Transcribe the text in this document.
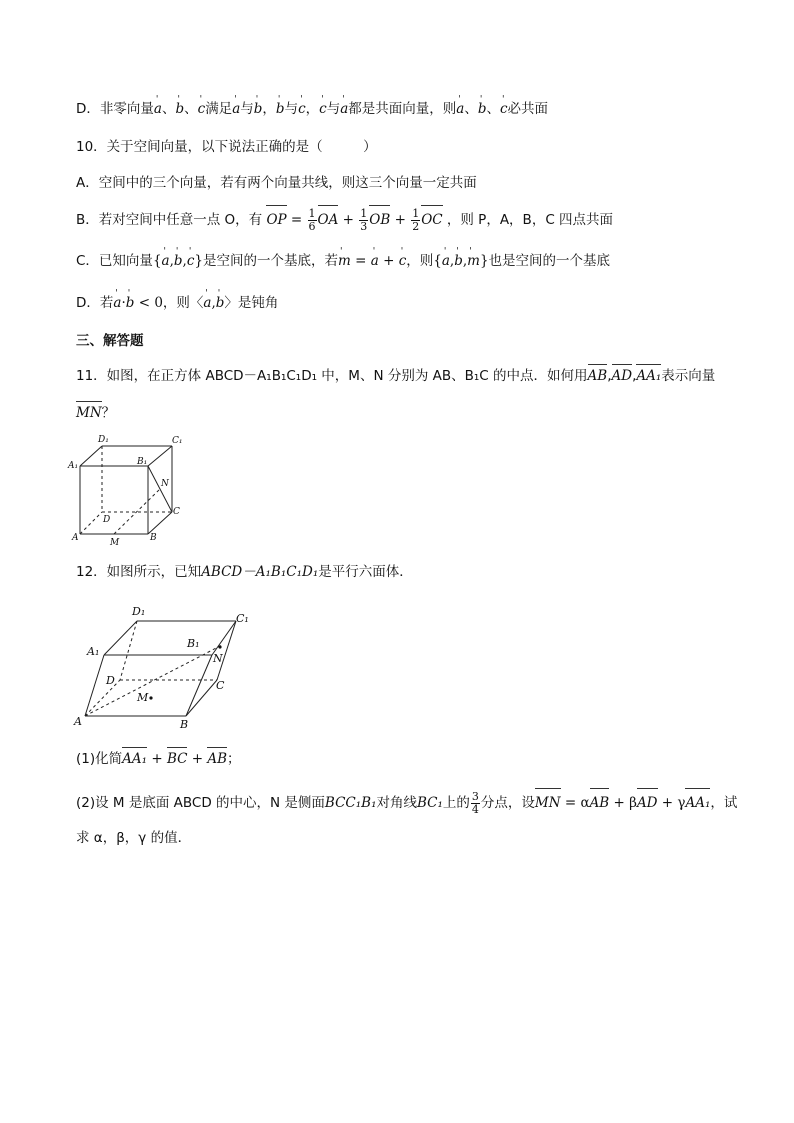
D．非零向量' a、' b、' c满足' a与' b，' b与' c，' c与' a都是共面向量，则' a、' b、' c必共面
10．关于空间向量，以下说法正确的是（　　　）
A．空间中的三个向量，若有两个向量共线，则这三个向量一定共面
B．若对空间中任意一点 O，有 OP = $\frac{1}{6}$ OA + $\frac{1}{3}$ OB + $\frac{1}{2}$ OC ，则 P，A，B，C 四点共面
C．已知向量{' a,' b,' c}是空间的一个基底，若' m = ' a + ' c，则{' a,' b,' m}也是空间的一个基底
D．若' a·' b < 0，则〈' a,' b〉是钝角
三、解答题
11．如图，在正方体 ABCD－A₁B₁C₁D₁ 中，M、N 分别为 AB、B₁C 的中点．如何用AB,AD,AA₁表示向量
MN？
D₁	C₁
A₁	B₁
N
D
C
A	M	B
12．如图所示，已知ABCD－A₁B₁C₁D₁是平行六面体．
D₁
C₁
A₁
B₁
N
D	C
M
A	B
(1)化简AA₁ + BC + AB；
(2)设 M 是底面 ABCD 的中心，N 是侧面BCC₁B₁对角线BC₁上的 $\frac{3}{4}$ 分点，设MN = αAB + βAD + γAA₁，试
求 α，β，γ 的值．
